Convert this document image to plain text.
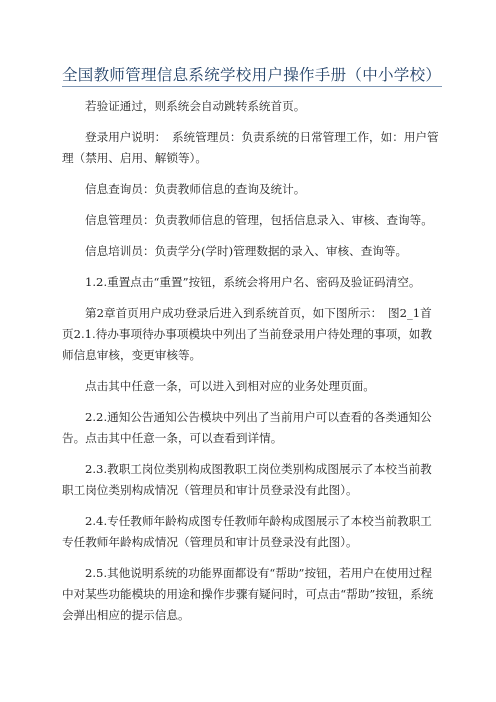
全国教师管理信息系统学校用户操作手册（中小学校）

若验证通过，则系统会自动跳转系统首页。

登录用户说明：　系统管理员：负责系统的日常管理工作，如：用户管理（禁用、启用、解锁等）。

信息查询员：负责教师信息的查询及统计。

信息管理员：负责教师信息的管理，包括信息录入、审核、查询等。

信息培训员：负责学分(学时)管理数据的录入、审核、查询等。

1.2.重置点击“重置”按钮，系统会将用户名、密码及验证码清空。

第2章首页用户成功登录后进入到系统首页，如下图所示：　图2_1首页2.1.待办事项待办事项模块中列出了当前登录用户待处理的事项，如教师信息审核，变更审核等。

点击其中任意一条，可以进入到相对应的业务处理页面。

2.2.通知公告通知公告模块中列出了当前用户可以查看的各类通知公告。点击其中任意一条，可以查看到详情。

2.3.教职工岗位类别构成图教职工岗位类别构成图展示了本校当前教职工岗位类别构成情况（管理员和审计员登录没有此图）。

2.4.专任教师年龄构成图专任教师年龄构成图展示了本校当前教职工专任教师年龄构成情况（管理员和审计员登录没有此图）。

2.5.其他说明系统的功能界面都设有“帮助”按钮，若用户在使用过程中对某些功能模块的用途和操作步骤有疑问时，可点击“帮助”按钮，系统会弹出相应的提示信息。
